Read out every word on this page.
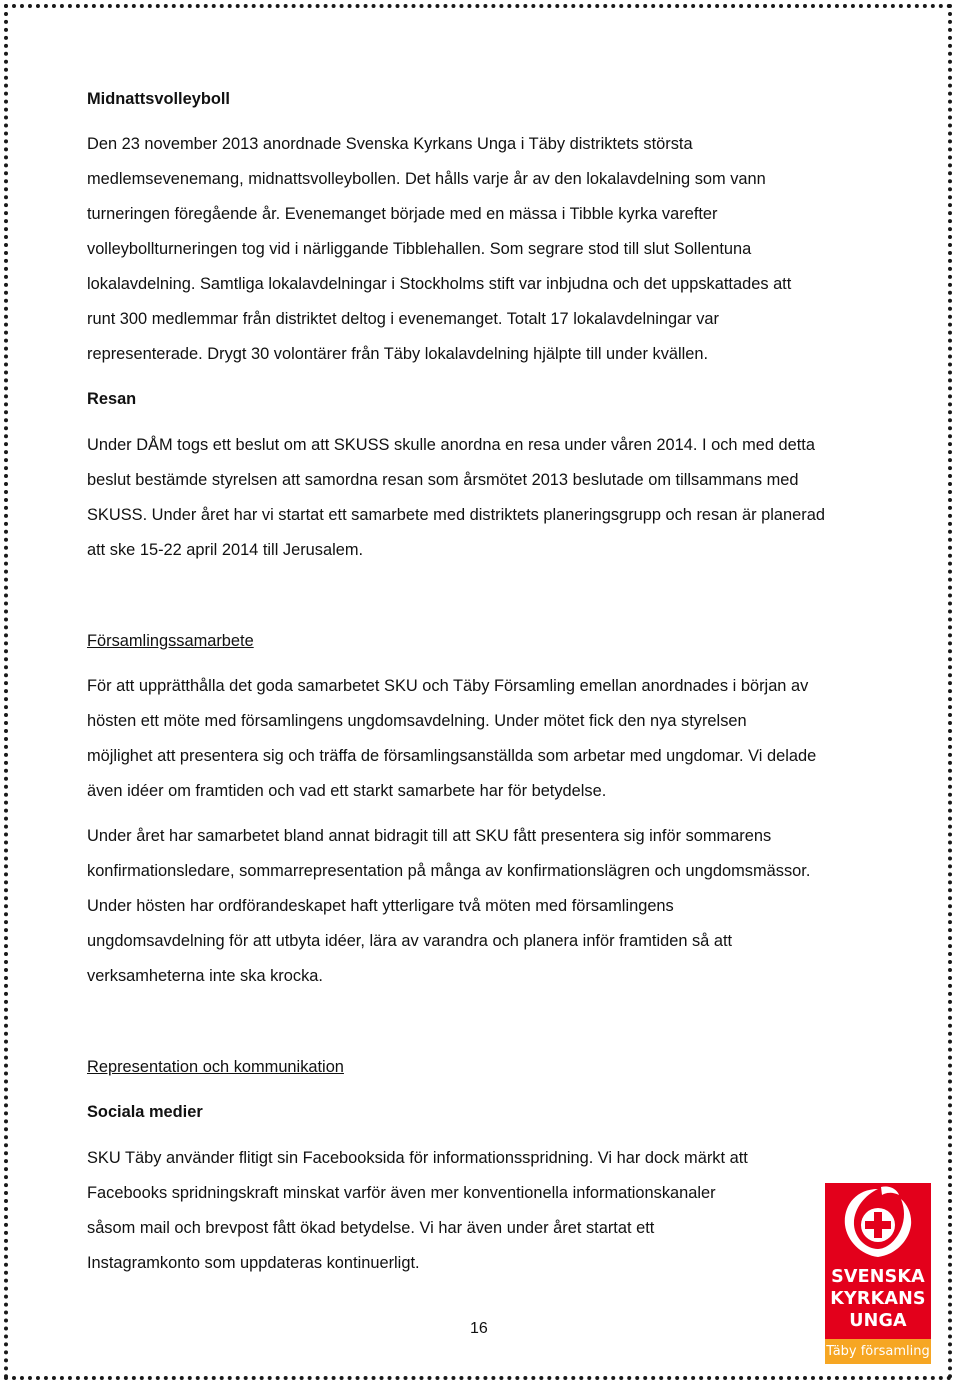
Midnattsvolleyboll
Den 23 november 2013 anordnade Svenska Kyrkans Unga i Täby distriktets största
medlemsevenemang, midnattsvolleybollen. Det hålls varje år av den lokalavdelning som vann
turneringen föregående år. Evenemanget började med en mässa i Tibble kyrka varefter
volleybollturneringen tog vid i närliggande Tibblehallen. Som segrare stod till slut Sollentuna
lokalavdelning. Samtliga lokalavdelningar i Stockholms stift var inbjudna och det uppskattades att
runt 300 medlemmar från distriktet deltog i evenemanget. Totalt 17 lokalavdelningar var
representerade. Drygt 30 volontärer från Täby lokalavdelning hjälpte till under kvällen.
Resan
Under DÅM togs ett beslut om att SKUSS skulle anordna en resa under våren 2014. I och med detta
beslut bestämde styrelsen att samordna resan som årsmötet 2013 beslutade om tillsammans med
SKUSS. Under året har vi startat ett samarbete med distriktets planeringsgrupp och resan är planerad
att ske 15-22 april 2014 till Jerusalem.
Församlingssamarbete
För att upprätthålla det goda samarbetet SKU och Täby Församling emellan anordnades i början av
hösten ett möte med församlingens ungdomsavdelning. Under mötet fick den nya styrelsen
möjlighet att presentera sig och träffa de församlingsanställda som arbetar med ungdomar. Vi delade
även idéer om framtiden och vad ett starkt samarbete har för betydelse.
Under året har samarbetet bland annat bidragit till att SKU fått presentera sig inför sommarens
konfirmationsledare, sommarrepresentation på många av konfirmationslägren och ungdomsmässor.
Under hösten har ordförandeskapet haft ytterligare två möten med församlingens
ungdomsavdelning för att utbyta idéer, lära av varandra och planera inför framtiden så att
verksamheterna inte ska krocka.
Representation och kommunikation
Sociala medier
SKU Täby använder flitigt sin Facebooksida för informationsspridning. Vi har dock märkt att
Facebooks spridningskraft minskat varför även mer konventionella informationskanaler
såsom mail och brevpost fått ökad betydelse. Vi har även under året startat ett
Instagramkonto som uppdateras kontinuerligt.
16
SVENSKA
KYRKANS
UNGA
Täby församling
